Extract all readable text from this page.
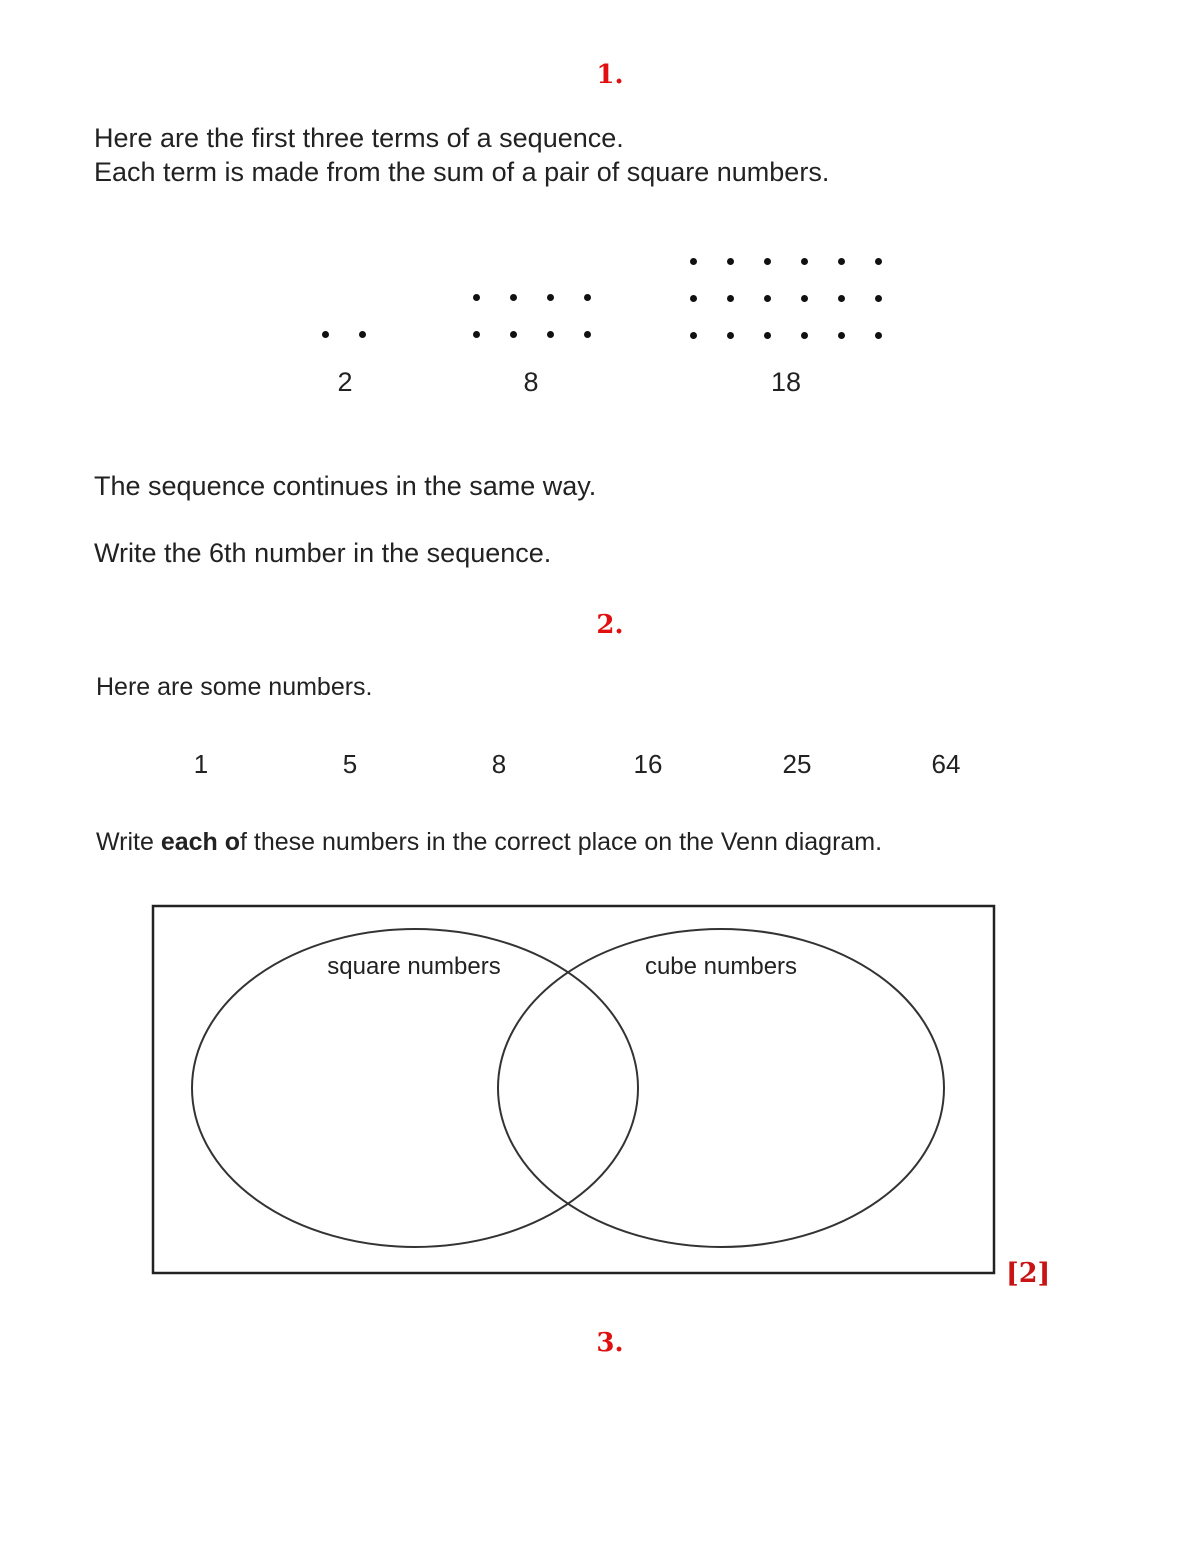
1.
Here are the first three terms of a sequence.
Each term is made from the sum of a pair of square numbers.
2	8	18
The sequence continues in the same way.
Write the 6th number in the sequence.
2.
Here are some numbers.
1	5	8	16	25	64
Write each of these numbers in the correct place on the Venn diagram.
square numbers	cube numbers
[2]
3.
